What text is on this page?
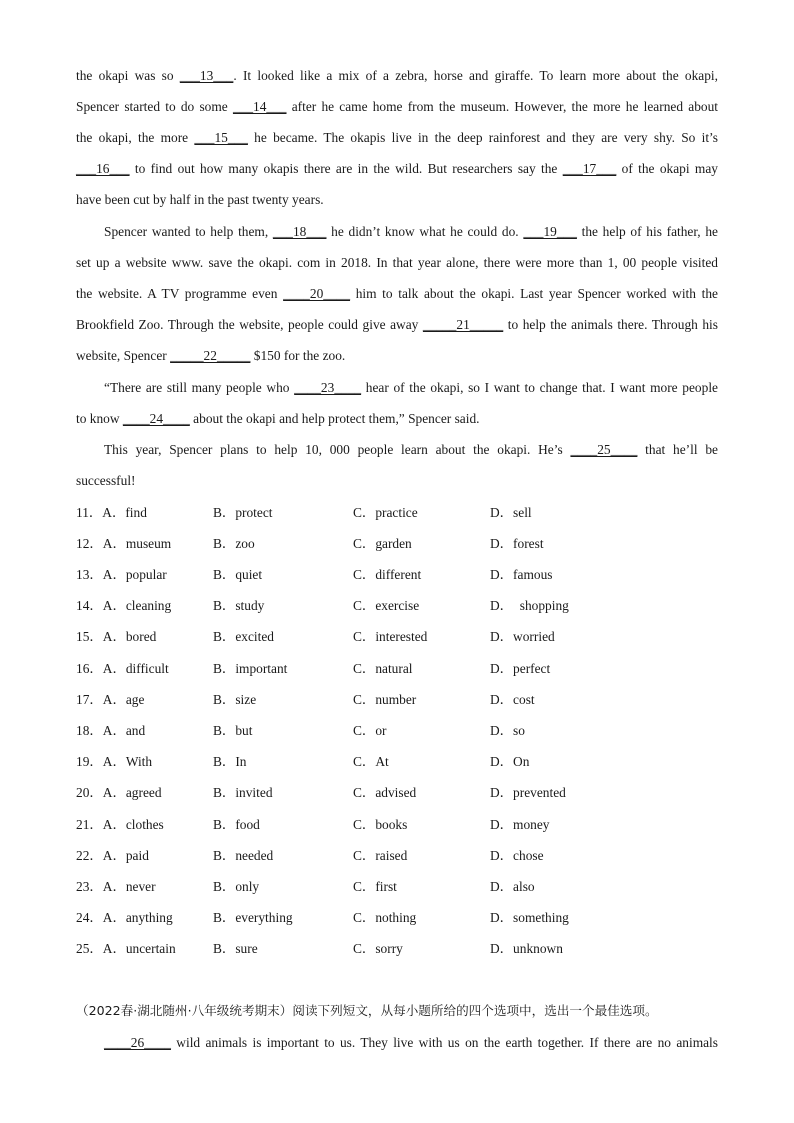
the okapi was so ___13___. It looked like a mix of a zebra, horse and giraffe. To learn more about the okapi,
Spencer started to do some ___14___ after he came home from the museum. However, the more he learned about
the okapi, the more ___15___ he became. The okapis live in the deep rainforest and they are very shy. So it’s
___16___ to find out how many okapis there are in the wild. But researchers say the ___17___ of the okapi may
have been cut by half in the past twenty years.
Spencer wanted to help them, ___18___ he didn’t know what he could do. ___19___ the help of his father, he
set up a website www. save the okapi. com in 2018. In that year alone, there were more than 1, 00 people visited
the website. A TV programme even ____20____ him to talk about the okapi. Last year Spencer worked with the
Brookfield Zoo. Through the website, people could give away _____21_____ to help the animals there. Through his
website, Spencer _____22_____ $150 for the zoo.
“There are still many people who ____23____ hear of the okapi, so I want to change that. I want more people
to know ____24____ about the okapi and help protect them,” Spencer said.
This year, Spencer plans to help 10, 000 people learn about the okapi. He’s ____25____ that he’ll be
successful!
11．A．find	B．protect	C．practice	D．sell
12．A．museum	B．zoo	C．garden	D．forest
13．A．popular	B．quiet	C．different	D．famous
14．A．cleaning	B．study	C．exercise	D．  shopping
15．A．bored	B．excited	C．interested	D．worried
16．A．difficult	B．important	C．natural	D．perfect
17．A．age	B．size	C．number	D．cost
18．A．and	B．but	C．or	D．so
19．A．With	B．In	C．At	D．On
20．A．agreed	B．invited	C．advised	D．prevented
21．A．clothes	B．food	C．books	D．money
22．A．paid	B．needed	C．raised	D．chose
23．A．never	B．only	C．first	D．also
24．A．anything	B．everything	C．nothing	D．something
25．A．uncertain	B．sure	C．sorry	D．unknown
（2022春·湖北随州·八年级统考期末）阅读下列短文，从每小题所给的四个选项中，选出一个最佳选项。
____26____ wild animals is important to us. They live with us on the earth together. If there are no animals
